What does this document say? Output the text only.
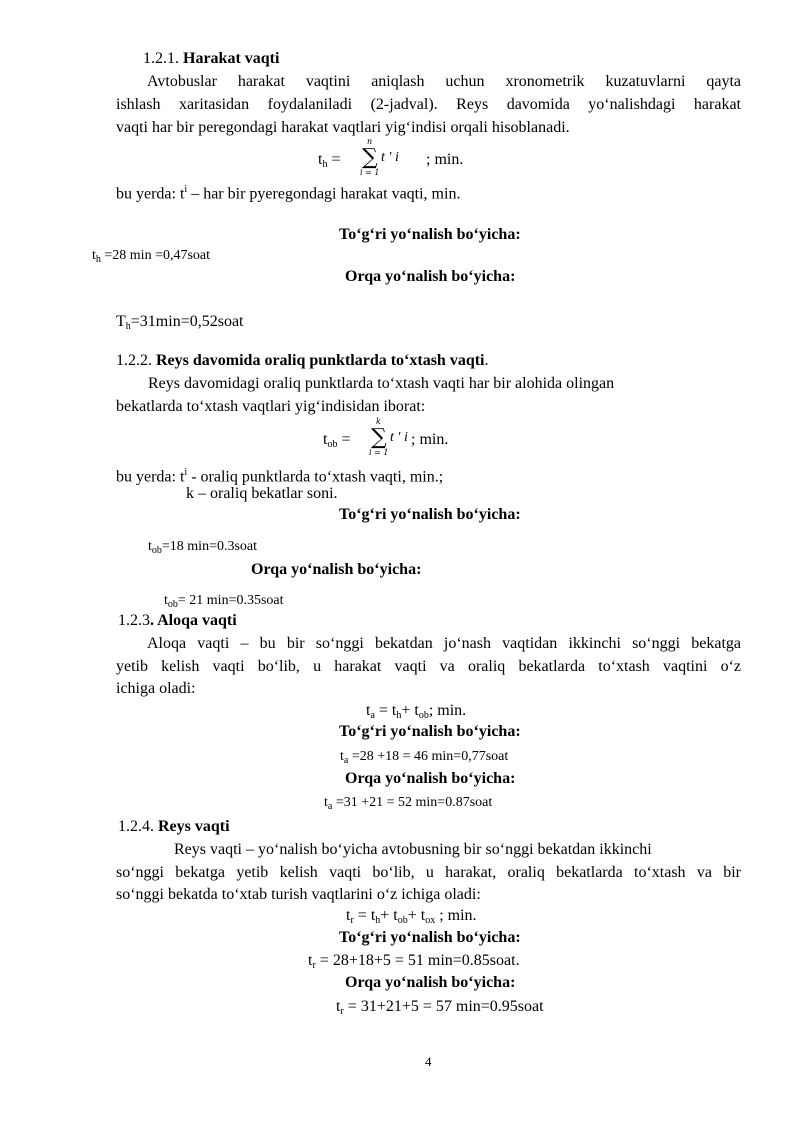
1.2.1. Harakat vaqti
Avtobuslar harakat vaqtini aniqlash uchun xronometrik kuzatuvlarni qayta
ishlash xaritasidan foydalaniladi (2-jadval). Reys davomida yo‘nalishdagi harakat
vaqti har bir peregondagi harakat vaqtlari yig‘indisi orqali hisoblanadi.
$t_h$ =
n
∑
i = 1
t ′ i ; min.
bu yerda: $t^i$ – har bir pyeregondagi harakat vaqti, min.
To‘g‘ri yo‘nalish bo‘yicha:
$t_h =28$ min =0,47soat
Orqa yo‘nalish bo‘yicha:
$T_h=31\min=0,52soat$
1.2.2. Reys davomida oraliq punktlarda to‘xtash vaqti.
Reys davomidagi oraliq punktlarda to‘xtash vaqti har bir alohida olingan
bekatlarda to‘xtash vaqtlari yig‘indisidan iborat:
$t_{ob}$ =
k
∑
i = 1
t ′ i ; min.
bu yerda: $t^i$ - oraliq punktlarda to‘xtash vaqti, min.;
k – oraliq bekatlar soni.
To‘g‘ri yo‘nalish bo‘yicha:
$t_{ob}=18$ min=0.3soat
Orqa yo‘nalish bo‘yicha:
$t_{ob}= 21$ min=0.35soat
1.2.3. Aloqa vaqti
Aloqa vaqti – bu bir so‘nggi bekatdan jo‘nash vaqtidan ikkinchi so‘nggi bekatga
yetib kelish vaqti bo‘lib, u harakat vaqti va oraliq bekatlarda to‘xtash vaqtini o‘z
ichiga oladi:
$t_a = t_h+ t_{ob}$; min.
To‘g‘ri yo‘nalish bo‘yicha:
$t_a =28 +18 = 46$ min=0,77soat
Orqa yo‘nalish bo‘yicha:
$t_a =31 +21 = 52$ min=0.87soat
1.2.4. Reys vaqti
Reys vaqti – yo‘nalish bo‘yicha avtobusning bir so‘nggi bekatdan ikkinchi
so‘nggi bekatga yetib kelish vaqti bo‘lib, u harakat, oraliq bekatlarda to‘xtash va bir
so‘nggi bekatda to‘xtab turish vaqtlarini o‘z ichiga oladi:
$t_r = t_h+ t_{ob}+ t_{ox}$ ; min.
To‘g‘ri yo‘nalish bo‘yicha:
$t_r = 28+18+5 = 51$ min=0.85soat.
Orqa yo‘nalish bo‘yicha:
$t_r = 31+21+5 = 57$ min=0.95soat
4
